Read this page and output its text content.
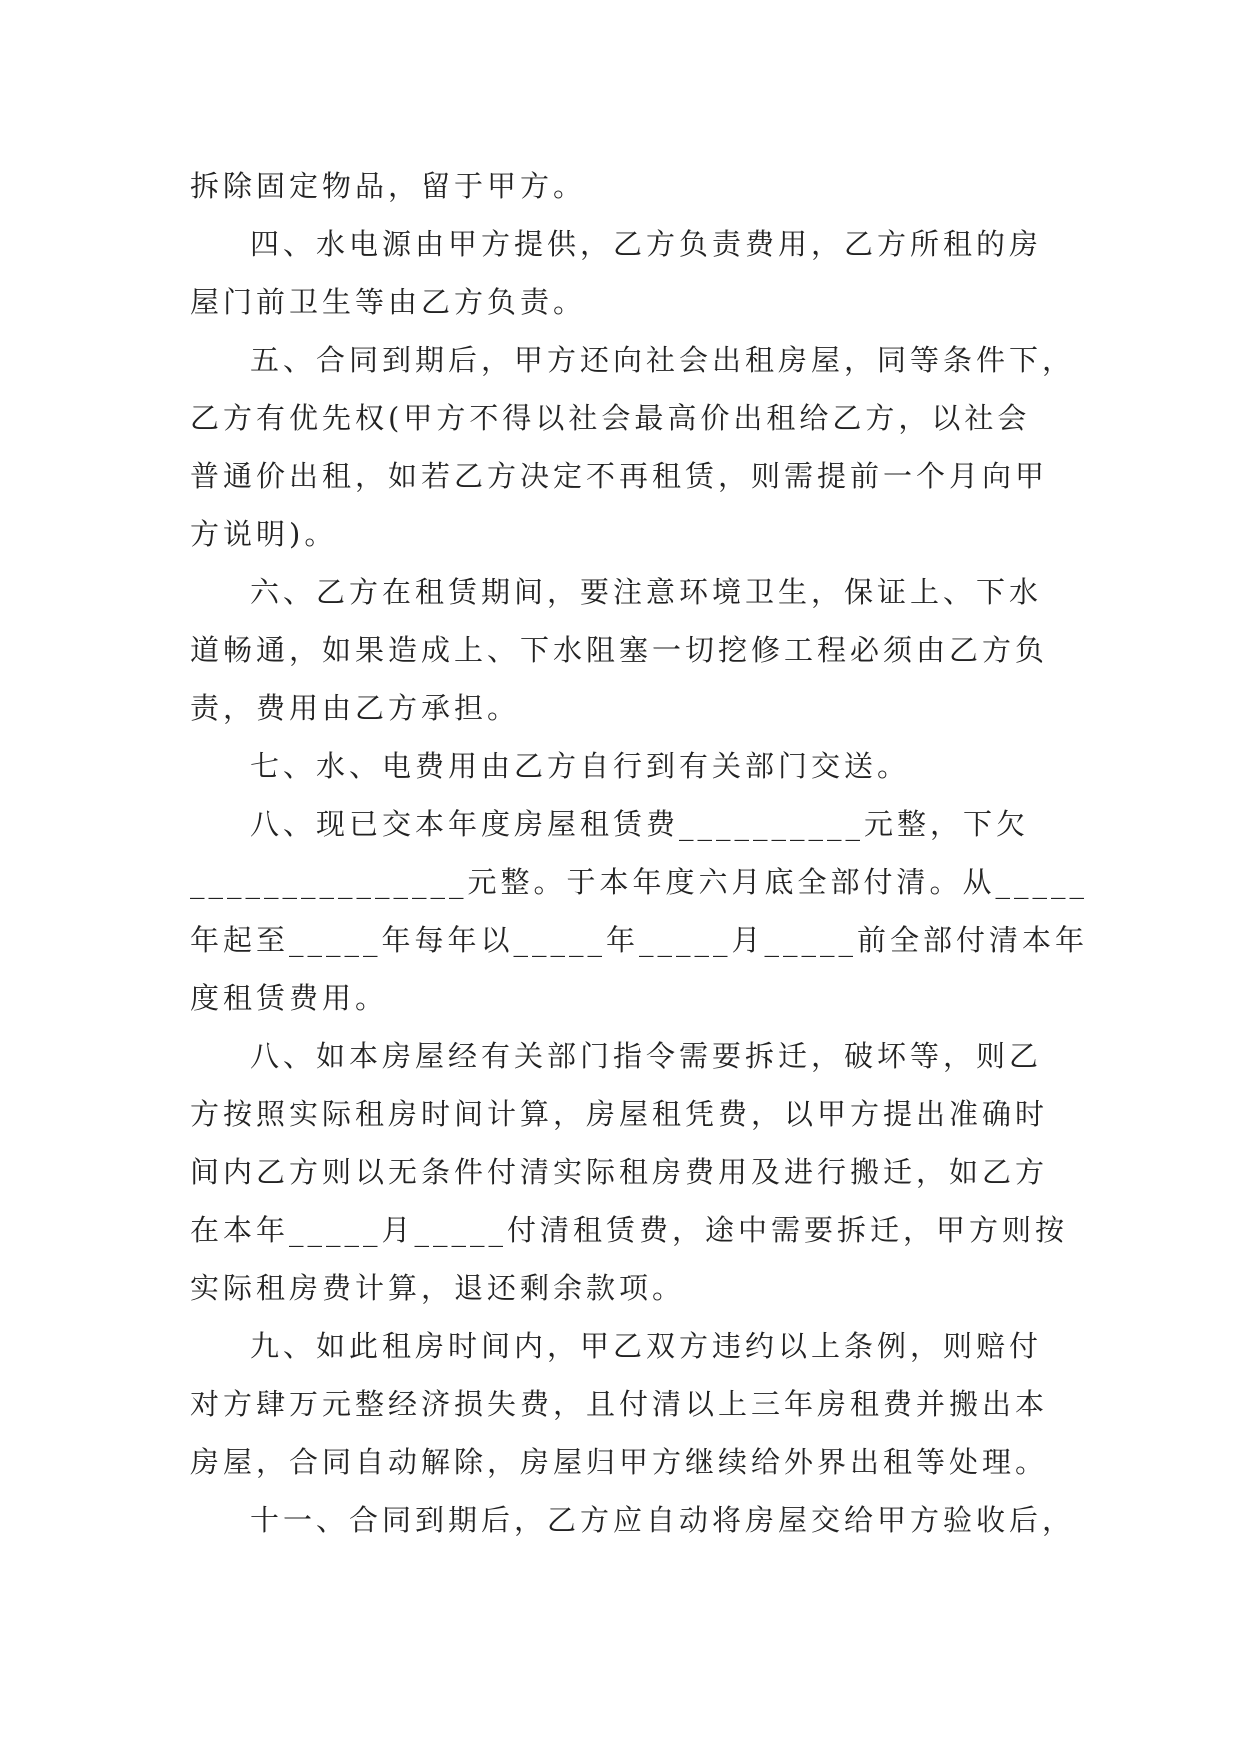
拆除固定物品，留于甲方。
四、水电源由甲方提供，乙方负责费用，乙方所租的房
屋门前卫生等由乙方负责。
五、合同到期后，甲方还向社会出租房屋，同等条件下，
乙方有优先权(甲方不得以社会最高价出租给乙方，以社会
普通价出租，如若乙方决定不再租赁，则需提前一个月向甲
方说明)。
六、乙方在租赁期间，要注意环境卫生，保证上、下水
道畅通，如果造成上、下水阻塞一切挖修工程必须由乙方负
责，费用由乙方承担。
七、水、电费用由乙方自行到有关部门交送。
八、现已交本年度房屋租赁费__________元整，下欠
_______________元整。于本年度六月底全部付清。从_____
年起至_____年每年以_____年_____月_____前全部付清本年
度租赁费用。
八、如本房屋经有关部门指令需要拆迁，破坏等，则乙
方按照实际租房时间计算，房屋租凭费，以甲方提出准确时
间内乙方则以无条件付清实际租房费用及进行搬迁，如乙方
在本年_____月_____付清租赁费，途中需要拆迁，甲方则按
实际租房费计算，退还剩余款项。
九、如此租房时间内，甲乙双方违约以上条例，则赔付
对方肆万元整经济损失费，且付清以上三年房租费并搬出本
房屋，合同自动解除，房屋归甲方继续给外界出租等处理。
十一、合同到期后，乙方应自动将房屋交给甲方验收后，
